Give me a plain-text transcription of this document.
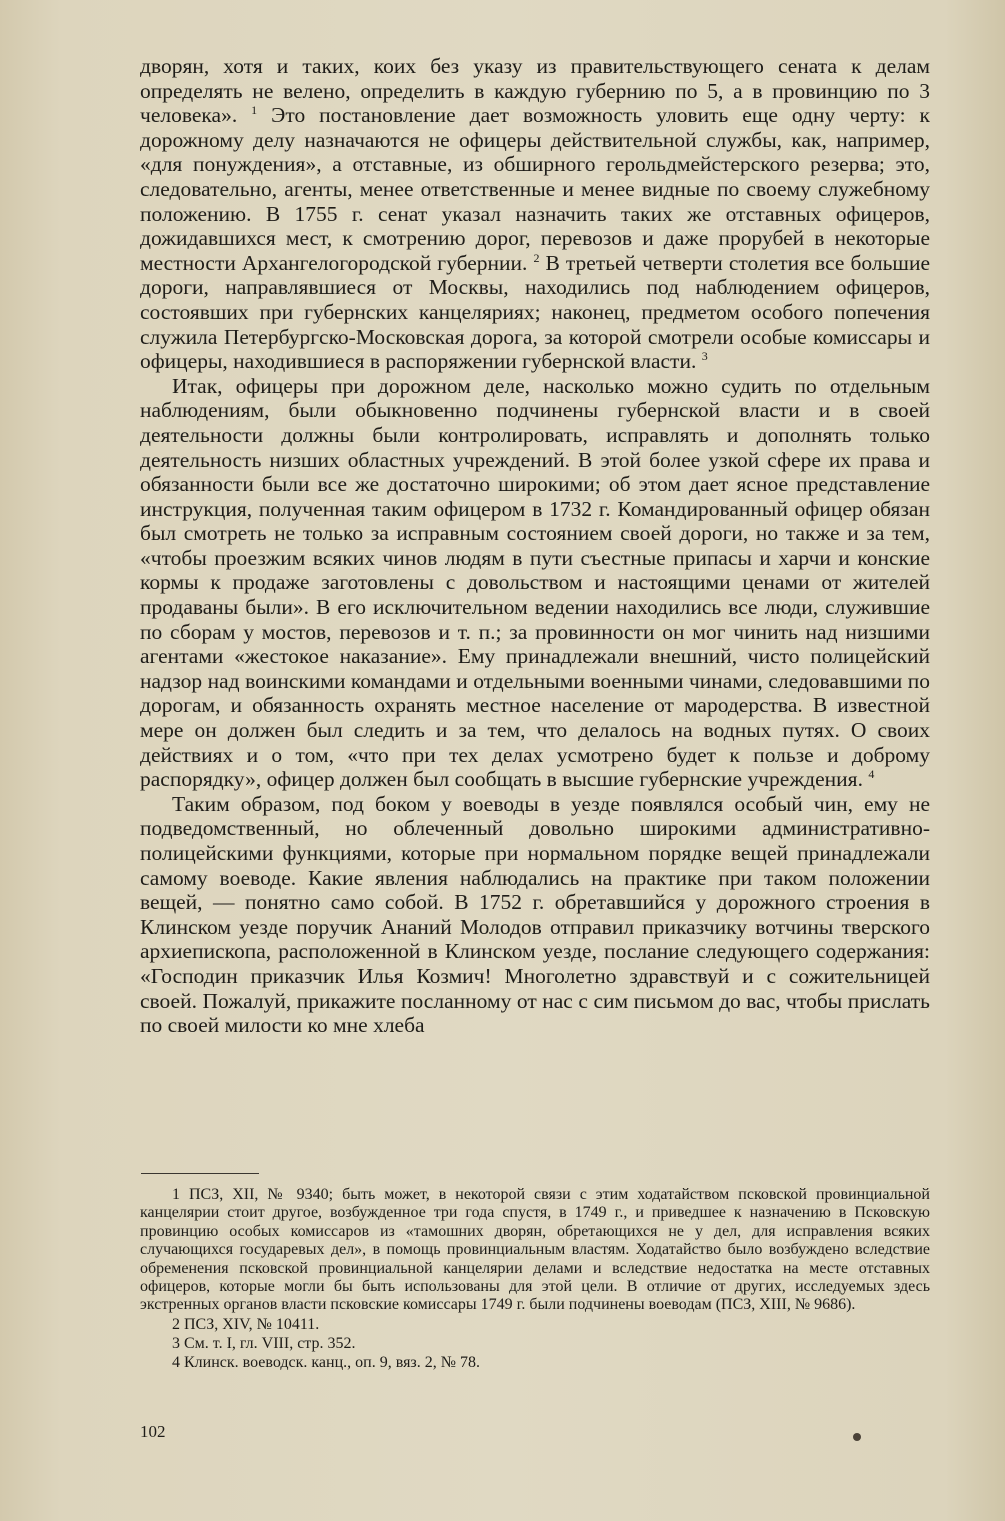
дворян, хотя и таких, коих без указу из правительствующего сената к делам определять не велено, определить в каждую губернию по 5, а в провинцию по 3 человека». $^1$ Это постановление дает возможность уловить еще одну черту: к дорожному делу назначаются не офицеры действительной службы, как, например, «для понуждения», а отставные, из обширного герольдмейстерского резерва; это, следовательно, агенты, менее ответственные и менее видные по своему служебному положению. В 1755 г. сенат указал назначить таких же отставных офицеров, дожидавшихся мест, к смотрению дорог, перевозов и даже прорубей в некоторые местности Архангелогородской губернии. $^2$ В третьей четверти столетия все большие дороги, направлявшиеся от Москвы, находились под наблюдением офицеров, состоявших при губернских канцеляриях; наконец, предметом особого попечения служила Петербургско-Московская дорога, за которой смотрели особые комиссары и офицеры, находившиеся в распоряжении губернской власти. $^3$

Итак, офицеры при дорожном деле, насколько можно судить по отдельным наблюдениям, были обыкновенно подчинены губернской власти и в своей деятельности должны были контролировать, исправлять и дополнять только деятельность низших областных учреждений. В этой более узкой сфере их права и обязанности были все же достаточно широкими; об этом дает ясное представление инструкция, полученная таким офицером в 1732 г. Командированный офицер обязан был смотреть не только за исправным состоянием своей дороги, но также и за тем, «чтобы проезжим всяких чинов людям в пути съестные припасы и харчи и конские кормы к продаже заготовлены с довольством и настоящими ценами от жителей продаваны были». В его исключительном ведении находились все люди, служившие по сборам у мостов, перевозов и т. п.; за провинности он мог чинить над низшими агентами «жестокое наказание». Ему принадлежали внешний, чисто полицейский надзор над воинскими командами и отдельными военными чинами, следовавшими по дорогам, и обязанность охранять местное население от мародерства. В известной мере он должен был следить и за тем, что делалось на водных путях. О своих действиях и о том, «что при тех делах усмотрено будет к пользе и доброму распорядку», офицер должен был сообщать в высшие губернские учреждения. $^4$

Таким образом, под боком у воеводы в уезде появлялся особый чин, ему не подведомственный, но облеченный довольно широкими административно-полицейскими функциями, которые при нормальном порядке вещей принадлежали самому воеводе. Какие явления наблюдались на практике при таком положении вещей, — понятно само собой. В 1752 г. обретавшийся у дорожного строения в Клинском уезде поручик Ананий Молодов отправил приказчику вотчины тверского архиепископа, расположенной в Клинском уезде, послание следующего содержания: «Господин приказчик Илья Козмич! Многолетно здравствуй и с сожительницей своей. Пожалуй, прикажите посланному от нас с сим письмом до вас, чтобы прислать по своей милости ко мне хлеба

1 ПСЗ, XII, № 9340; быть может, в некоторой связи с этим ходатайством псковской провинциальной канцелярии стоит другое, возбужденное три года спустя, в 1749 г., и приведшее к назначению в Псковскую провинцию особых комиссаров из «тамошних дворян, обретающихся не у дел, для исправления всяких случающихся государевых дел», в помощь провинциальным властям. Ходатайство было возбуждено вследствие обременения псковской провинциальной канцелярии делами и вследствие недостатка на месте отставных офицеров, которые могли бы быть использованы для этой цели. В отличие от других, исследуемых здесь экстренных органов власти псковские комиссары 1749 г. были подчинены воеводам (ПСЗ, XIII, № 9686).

2 ПСЗ, XIV, № 10411.

3 См. т. I, гл. VIII, стр. 352.

4 Клинск. воеводск. канц., оп. 9, вяз. 2, № 78.

102
